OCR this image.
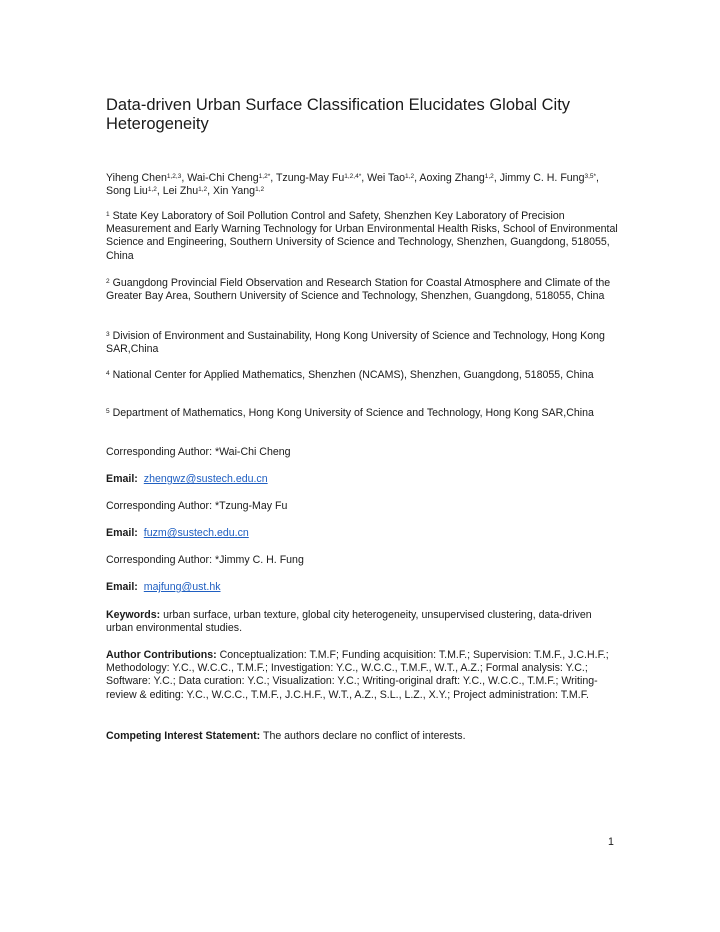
Data-driven Urban Surface Classification Elucidates Global City Heterogeneity
Yiheng Chen$^{1,2,3}$, Wai-Chi Cheng$^{1,2*}$, Tzung-May $Fu^{1,2,4*}$, Wei Tao$^{1,2}$, Aoxing Zhang$^{1,2}$, Jimmy C. H. Fung$^{3,5*}$, Song Liu$^{1,2}$, Lei Zhu$^{1,2}$, Xin Yang$^{1,2}$
$^1$ State Key Laboratory of Soil Pollution Control and Safety, Shenzhen Key Laboratory of Precision Measurement and Early Warning Technology for Urban Environmental Health Risks, School of Environmental Science and Engineering, Southern University of Science and Technology, Shenzhen, Guangdong, 518055, China
$^2$ Guangdong Provincial Field Observation and Research Station for Coastal Atmosphere and Climate of the Greater Bay Area, Southern University of Science and Technology, Shenzhen, Guangdong, 518055, China
$^3$ Division of Environment and Sustainability, Hong Kong University of Science and Technology, Hong Kong SAR,China
$^4$ National Center for Applied Mathematics, Shenzhen (NCAMS), Shenzhen, Guangdong, 518055, China
$^5$ Department of Mathematics, Hong Kong University of Science and Technology, Hong Kong SAR,China
Corresponding Author: *Wai-Chi Cheng
Email: zhengwz@sustech.edu.cn
Corresponding Author: *Tzung-May Fu
Email: fuzm@sustech.edu.cn
Corresponding Author: *Jimmy C. H. Fung
Email: majfung@ust.hk
Keywords: urban surface, urban texture, global city heterogeneity, unsupervised clustering, data-driven urban environmental studies.
Author Contributions: Conceptualization: T.M.F; Funding acquisition: T.M.F.; Supervision: T.M.F., J.C.H.F.; Methodology: Y.C., W.C.C., T.M.F.; Investigation: Y.C., W.C.C., T.M.F., W.T., A.Z.; Formal analysis: Y.C.; Software: Y.C.; Data curation: Y.C.; Visualization: Y.C.; Writing-original draft: Y.C., W.C.C., T.M.F.; Writing-review & editing: Y.C., W.C.C., T.M.F., J.C.H.F., W.T., A.Z., S.L., L.Z., X.Y.; Project administration: T.M.F.
Competing Interest Statement: The authors declare no conflict of interests.
1
